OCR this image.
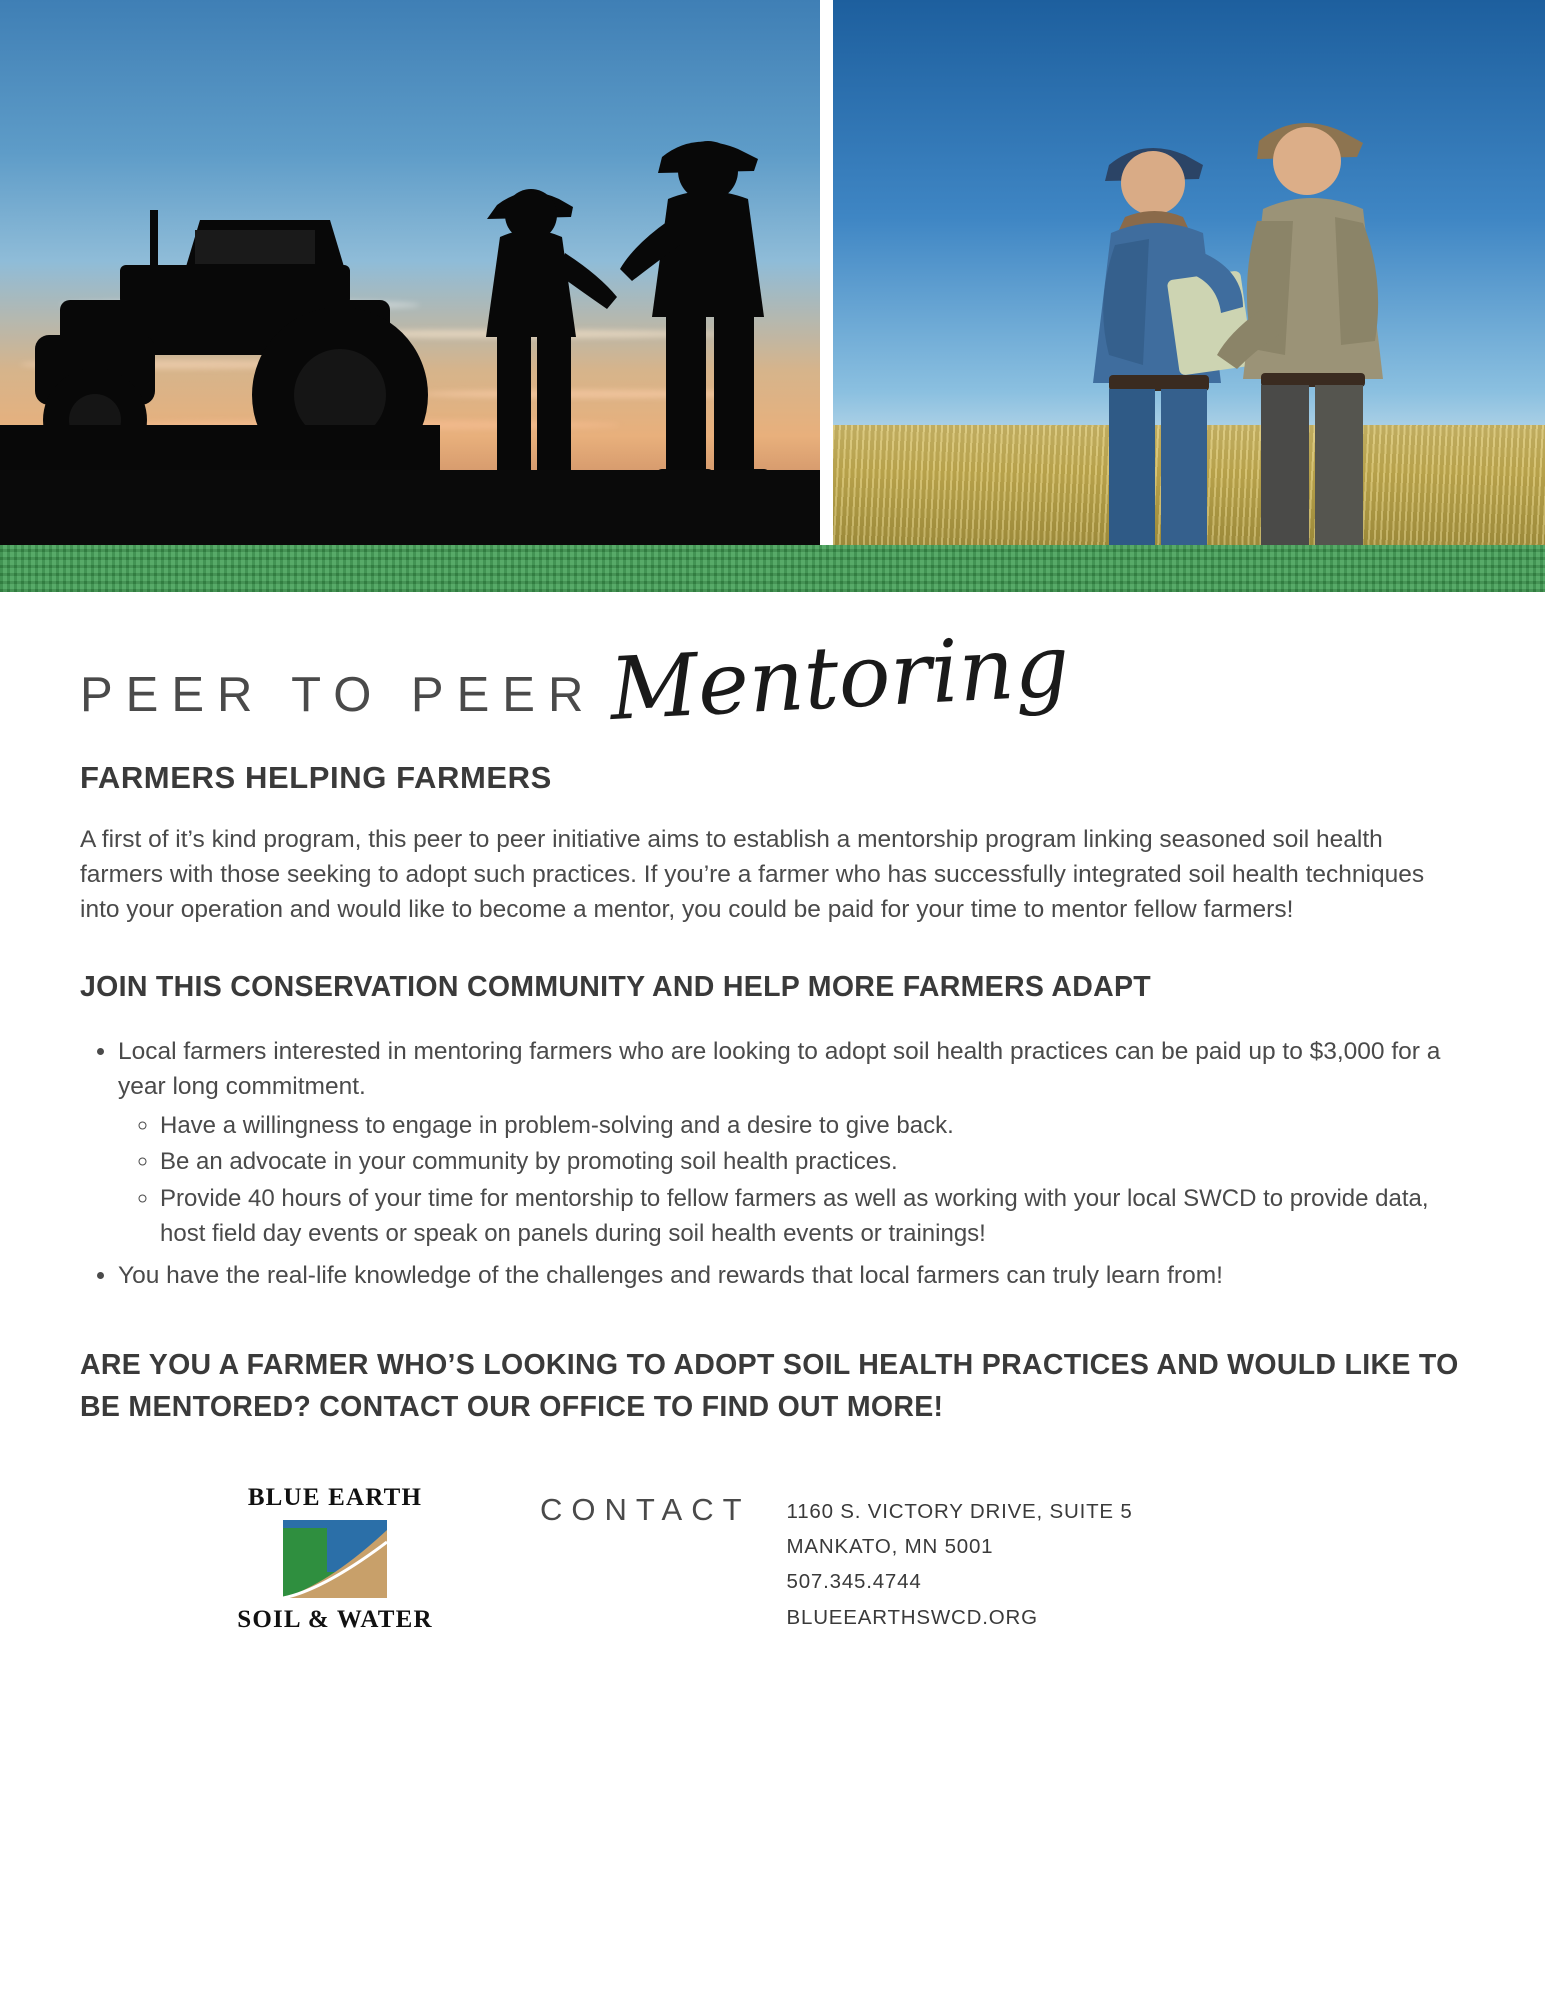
PEER TO PEER Mentoring
FARMERS HELPING FARMERS

A first of it’s kind program, this peer to peer initiative aims to establish a mentorship program linking seasoned soil health farmers with those seeking to adopt such practices. If you’re a farmer who has successfully integrated soil health techniques into your operation and would like to become a mentor, you could be paid for your time to mentor fellow farmers!

JOIN THIS CONSERVATION COMMUNITY AND HELP MORE FARMERS ADAPT
• Local farmers interested in mentoring farmers who are looking to adopt soil health practices can be paid up to $3,000 for a year long commitment.
◦ Have a willingness to engage in problem-solving and a desire to give back.
◦ Be an advocate in your community by promoting soil health practices.
◦ Provide 40 hours of your time for mentorship to fellow farmers as well as working with your local SWCD to provide data, host field day events or speak on panels during soil health events or trainings!
• You have the real-life knowledge of the challenges and rewards that local farmers can truly learn from!
ARE YOU A FARMER WHO’S LOOKING TO ADOPT SOIL HEALTH PRACTICES AND WOULD LIKE TO BE MENTORED? CONTACT OUR OFFICE TO FIND OUT MORE!
BLUE EARTH
SOIL & WATER
CONTACT 1160 S. VICTORY DRIVE, SUITE 5
MANKATO, MN 5001
507.345.4744
BLUEEARTHSWCD.ORG
